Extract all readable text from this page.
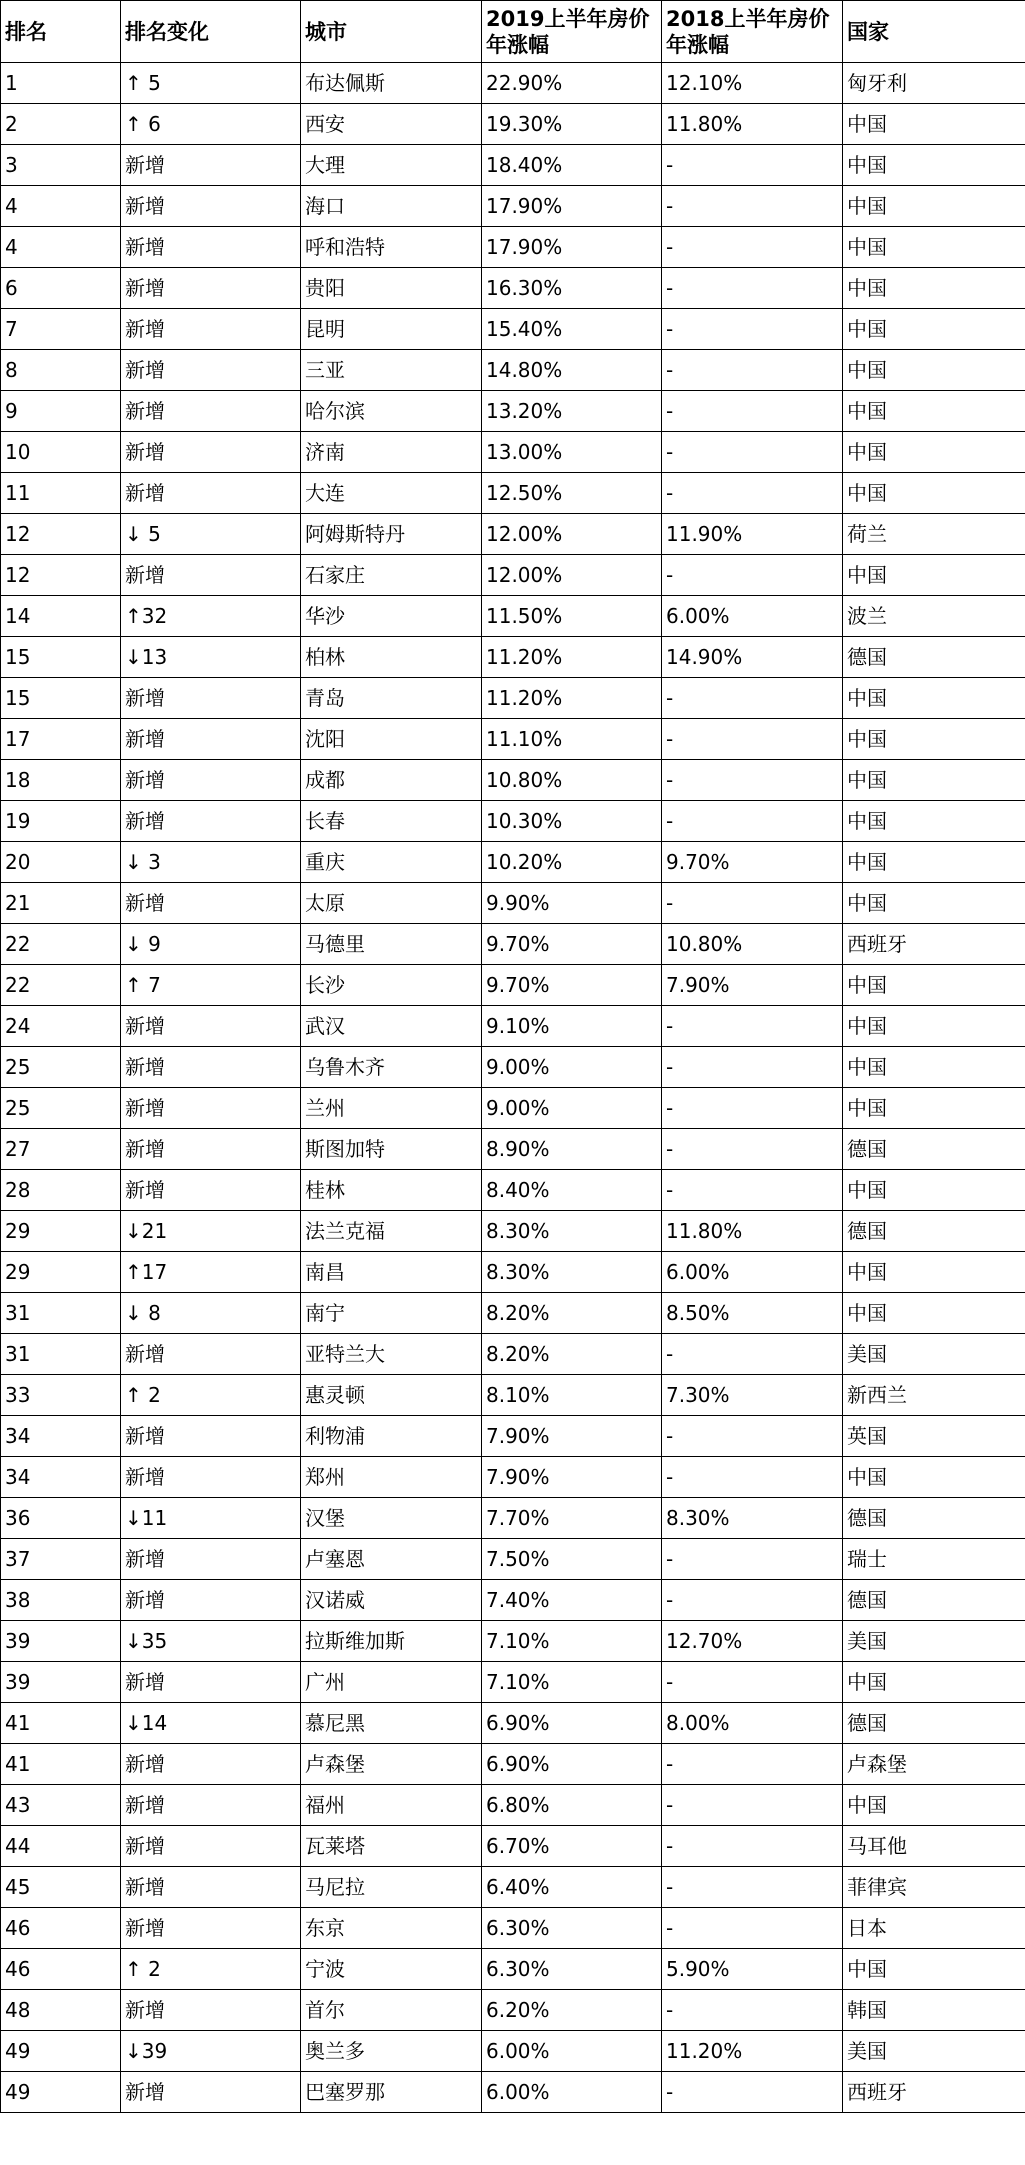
排名	排名变化	城市	2019上半年房价年涨幅	2018上半年房价年涨幅	国家
1	↑ 5	布达佩斯	22.90%	12.10%	匈牙利
2	↑ 6	西安	19.30%	11.80%	中国
3	新增	大理	18.40%	-	中国
4	新增	海口	17.90%	-	中国
4	新增	呼和浩特	17.90%	-	中国
6	新增	贵阳	16.30%	-	中国
7	新增	昆明	15.40%	-	中国
8	新增	三亚	14.80%	-	中国
9	新增	哈尔滨	13.20%	-	中国
10	新增	济南	13.00%	-	中国
11	新增	大连	12.50%	-	中国
12	↓ 5	阿姆斯特丹	12.00%	11.90%	荷兰
12	新增	石家庄	12.00%	-	中国
14	↑32	华沙	11.50%	6.00%	波兰
15	↓13	柏林	11.20%	14.90%	德国
15	新增	青岛	11.20%	-	中国
17	新增	沈阳	11.10%	-	中国
18	新增	成都	10.80%	-	中国
19	新增	长春	10.30%	-	中国
20	↓ 3	重庆	10.20%	9.70%	中国
21	新增	太原	9.90%	-	中国
22	↓ 9	马德里	9.70%	10.80%	西班牙
22	↑ 7	长沙	9.70%	7.90%	中国
24	新增	武汉	9.10%	-	中国
25	新增	乌鲁木齐	9.00%	-	中国
25	新增	兰州	9.00%	-	中国
27	新增	斯图加特	8.90%	-	德国
28	新增	桂林	8.40%	-	中国
29	↓21	法兰克福	8.30%	11.80%	德国
29	↑17	南昌	8.30%	6.00%	中国
31	↓ 8	南宁	8.20%	8.50%	中国
31	新增	亚特兰大	8.20%	-	美国
33	↑ 2	惠灵顿	8.10%	7.30%	新西兰
34	新增	利物浦	7.90%	-	英国
34	新增	郑州	7.90%	-	中国
36	↓11	汉堡	7.70%	8.30%	德国
37	新增	卢塞恩	7.50%	-	瑞士
38	新增	汉诺威	7.40%	-	德国
39	↓35	拉斯维加斯	7.10%	12.70%	美国
39	新增	广州	7.10%	-	中国
41	↓14	慕尼黑	6.90%	8.00%	德国
41	新增	卢森堡	6.90%	-	卢森堡
43	新增	福州	6.80%	-	中国
44	新增	瓦莱塔	6.70%	-	马耳他
45	新增	马尼拉	6.40%	-	菲律宾
46	新增	东京	6.30%	-	日本
46	↑ 2	宁波	6.30%	5.90%	中国
48	新增	首尔	6.20%	-	韩国
49	↓39	奥兰多	6.00%	11.20%	美国
49	新增	巴塞罗那	6.00%	-	西班牙
